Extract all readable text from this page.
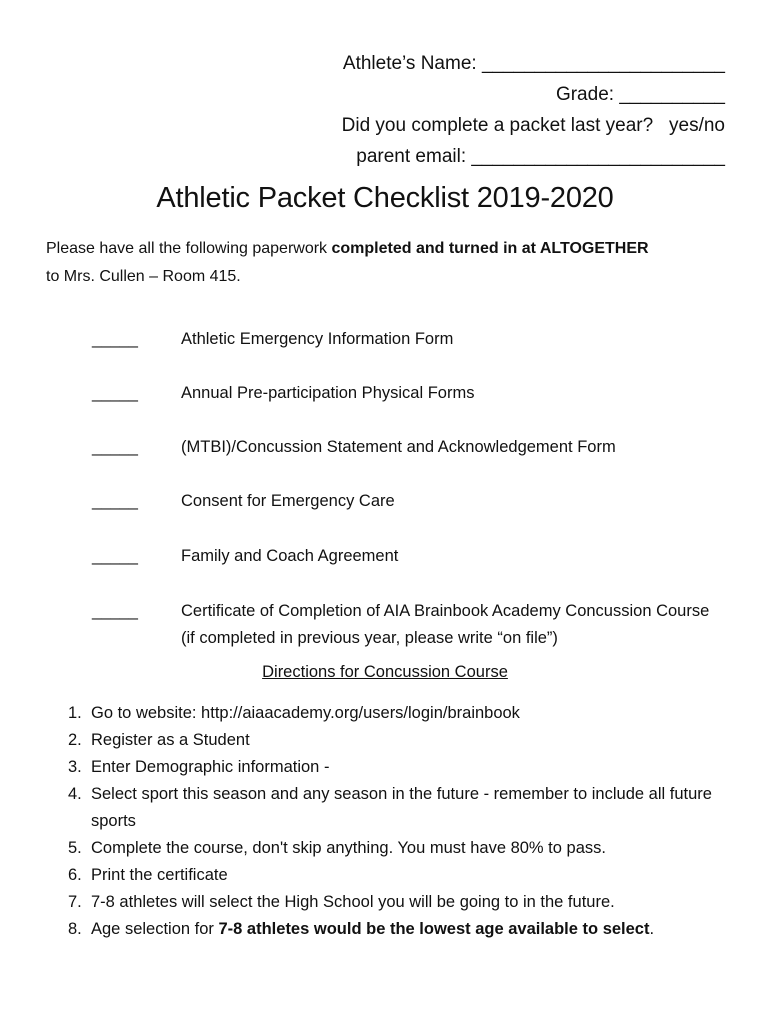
Athlete’s Name: _______________________
Grade: __________
Did you complete a packet last year?   yes/no
parent email: ________________________
Athletic Packet Checklist 2019-2020
Please have all the following paperwork completed and turned in at ALTOGETHER
to Mrs. Cullen – Room 415.
_____	Athletic Emergency Information Form
_____	Annual Pre-participation Physical Forms
_____	(MTBI)/Concussion Statement and Acknowledgement Form
_____	Consent for Emergency Care
_____	Family and Coach Agreement
_____	Certificate of Completion of AIA Brainbook Academy Concussion Course (if completed in previous year, please write “on file”)
Directions for Concussion Course
1. Go to website: http://aiaacademy.org/users/login/brainbook
2. Register as a Student
3. Enter Demographic information -
4. Select sport this season and any season in the future - remember to include all future sports
5. Complete the course, don't skip anything. You must have 80% to pass.
6. Print the certificate
7. 7-8 athletes will select the High School you will be going to in the future.
8. Age selection for 7-8 athletes would be the lowest age available to select.
